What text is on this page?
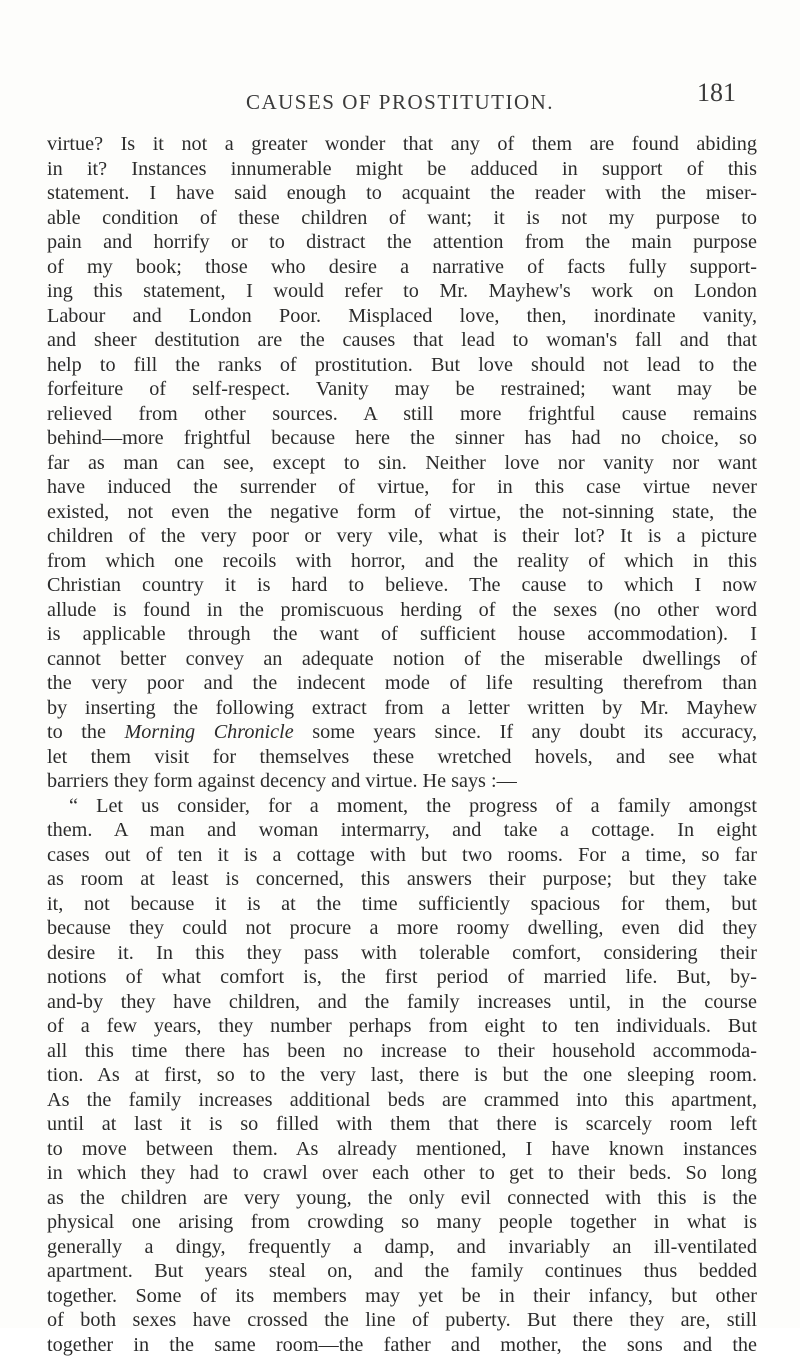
CAUSES OF PROSTITUTION.	181
virtue? Is it not a greater wonder that any of them are found abiding
in it? Instances innumerable might be adduced in support of this
statement. I have said enough to acquaint the reader with the miser-
able condition of these children of want; it is not my purpose to
pain and horrify or to distract the attention from the main purpose
of my book; those who desire a narrative of facts fully support-
ing this statement, I would refer to Mr. Mayhew's work on London
Labour and London Poor. Misplaced love, then, inordinate vanity,
and sheer destitution are the causes that lead to woman's fall and that
help to fill the ranks of prostitution. But love should not lead to the
forfeiture of self-respect. Vanity may be restrained; want may be
relieved from other sources. A still more frightful cause remains
behind—more frightful because here the sinner has had no choice, so
far as man can see, except to sin. Neither love nor vanity nor want
have induced the surrender of virtue, for in this case virtue never
existed, not even the negative form of virtue, the not-sinning state, the
children of the very poor or very vile, what is their lot? It is a picture
from which one recoils with horror, and the reality of which in this
Christian country it is hard to believe. The cause to which I now
allude is found in the promiscuous herding of the sexes (no other word
is applicable through the want of sufficient house accommodation). I
cannot better convey an adequate notion of the miserable dwellings of
the very poor and the indecent mode of life resulting therefrom than
by inserting the following extract from a letter written by Mr. Mayhew
to the Morning Chronicle some years since. If any doubt its accuracy,
let them visit for themselves these wretched hovels, and see what
barriers they form against decency and virtue. He says :—
“ Let us consider, for a moment, the progress of a family amongst
them. A man and woman intermarry, and take a cottage. In eight
cases out of ten it is a cottage with but two rooms. For a time, so far
as room at least is concerned, this answers their purpose; but they take
it, not because it is at the time sufficiently spacious for them, but
because they could not procure a more roomy dwelling, even did they
desire it. In this they pass with tolerable comfort, considering their
notions of what comfort is, the first period of married life. But, by-
and-by they have children, and the family increases until, in the course
of a few years, they number perhaps from eight to ten individuals. But
all this time there has been no increase to their household accommoda-
tion. As at first, so to the very last, there is but the one sleeping room.
As the family increases additional beds are crammed into this apartment,
until at last it is so filled with them that there is scarcely room left
to move between them. As already mentioned, I have known instances
in which they had to crawl over each other to get to their beds. So long
as the children are very young, the only evil connected with this is the
physical one arising from crowding so many people together in what is
generally a dingy, frequently a damp, and invariably an ill-ventilated
apartment. But years steal on, and the family continues thus bedded
together. Some of its members may yet be in their infancy, but other
of both sexes have crossed the line of puberty. But there they are, still
together in the same room—the father and mother, the sons and the
